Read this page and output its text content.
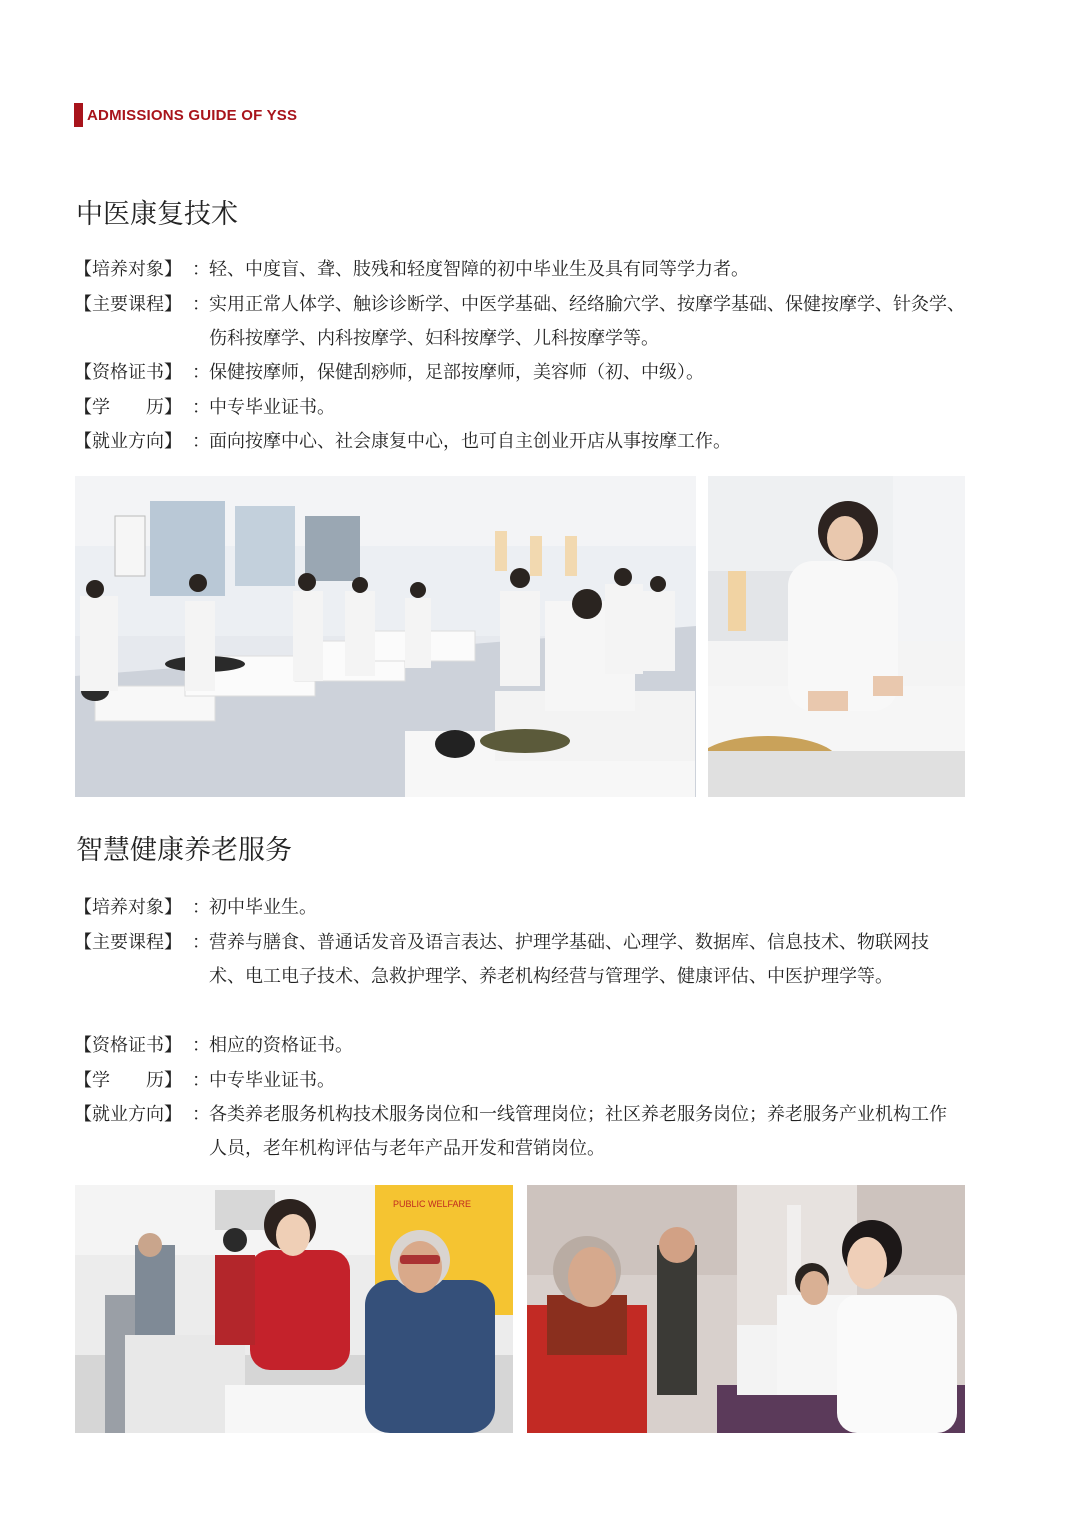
ADMISSIONS GUIDE OF YSS
中医康复技术
【培养对象】 ： 轻、中度盲、聋、肢残和轻度智障的初中毕业生及具有同等学力者。
【主要课程】 ： 实用正常人体学、触诊诊断学、中医学基础、经络腧穴学、按摩学基础、保健按摩学、针灸学、伤科按摩学、内科按摩学、妇科按摩学、儿科按摩学等。
【资格证书】 ： 保健按摩师，保健刮痧师，足部按摩师，美容师（初、中级）。
【学 历】 ： 中专毕业证书。
【就业方向】 ： 面向按摩中心、社会康复中心，也可自主创业开店从事按摩工作。
智慧健康养老服务
【培养对象】 ： 初中毕业生。
【主要课程】 ： 营养与膳食、普通话发音及语言表达、护理学基础、心理学、数据库、信息技术、物联网技术、电工电子技术、急救护理学、养老机构经营与管理学、健康评估、中医护理学等。
【资格证书】 ： 相应的资格证书。
【学 历】 ： 中专毕业证书。
【就业方向】 ： 各类养老服务机构技术服务岗位和一线管理岗位；社区养老服务岗位；养老服务产业机构工作人员，老年机构评估与老年产品开发和营销岗位。
PUBLIC WELFARE
